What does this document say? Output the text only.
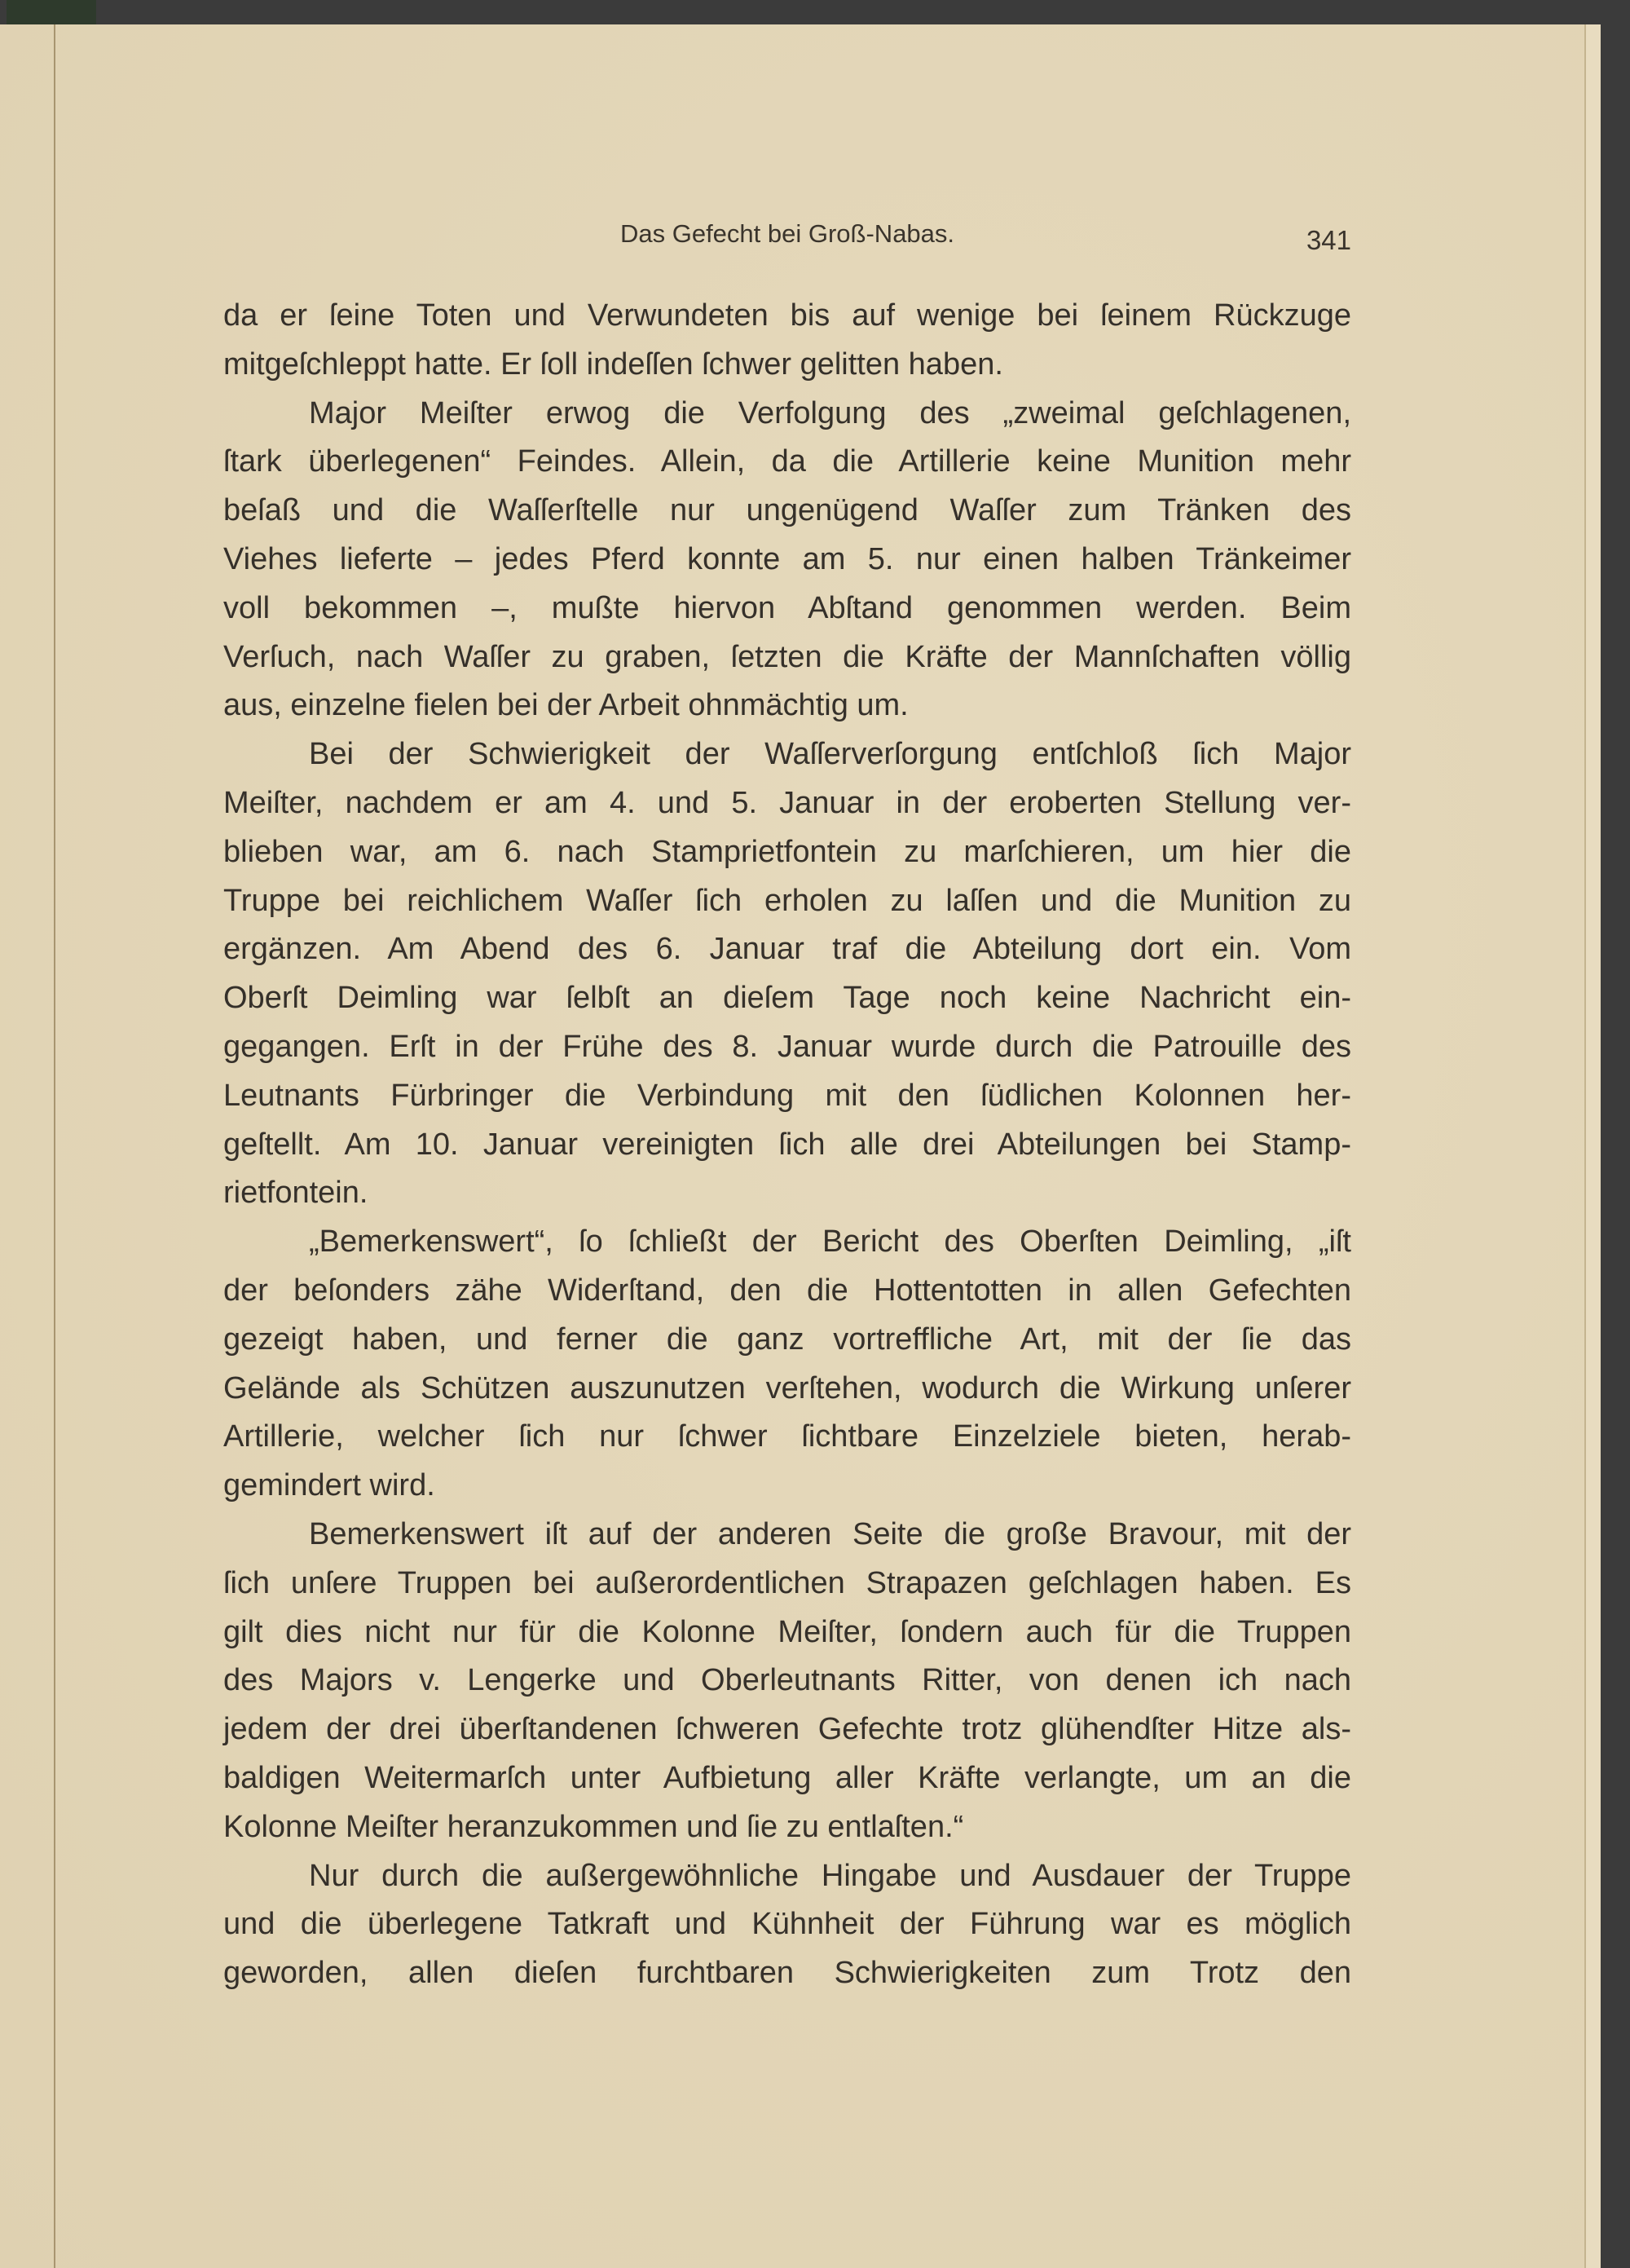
Das Gefecht bei Groß-Nabas.	341
da er ſeine Toten und Verwundeten bis auf wenige bei ſeinem Rückzuge
mitgeſchleppt hatte. Er ſoll indeſſen ſchwer gelitten haben.
Major Meiſter erwog die Verfolgung des „zweimal geſchlagenen,
ſtark überlegenen“ Feindes. Allein, da die Artillerie keine Munition mehr
beſaß und die Waſſerſtelle nur ungenügend Waſſer zum Tränken des
Viehes lieferte – jedes Pferd konnte am 5. nur einen halben Tränkeimer
voll bekommen –, mußte hiervon Abſtand genommen werden. Beim
Verſuch, nach Waſſer zu graben, ſetzten die Kräfte der Mannſchaften völlig
aus, einzelne fielen bei der Arbeit ohnmächtig um.
Bei der Schwierigkeit der Waſſerverſorgung entſchloß ſich Major
Meiſter, nachdem er am 4. und 5. Januar in der eroberten Stellung ver-
blieben war, am 6. nach Stamprietfontein zu marſchieren, um hier die
Truppe bei reichlichem Waſſer ſich erholen zu laſſen und die Munition zu
ergänzen. Am Abend des 6. Januar traf die Abteilung dort ein. Vom
Oberſt Deimling war ſelbſt an dieſem Tage noch keine Nachricht ein-
gegangen. Erſt in der Frühe des 8. Januar wurde durch die Patrouille des
Leutnants Fürbringer die Verbindung mit den ſüdlichen Kolonnen her-
geſtellt. Am 10. Januar vereinigten ſich alle drei Abteilungen bei Stamp-
rietfontein.
„Bemerkenswert“, ſo ſchließt der Bericht des Oberſten Deimling, „iſt
der beſonders zähe Widerſtand, den die Hottentotten in allen Gefechten
gezeigt haben, und ferner die ganz vortreffliche Art, mit der ſie das
Gelände als Schützen auszunutzen verſtehen, wodurch die Wirkung unſerer
Artillerie, welcher ſich nur ſchwer ſichtbare Einzelziele bieten, herab-
gemindert wird.
Bemerkenswert iſt auf der anderen Seite die große Bravour, mit der
ſich unſere Truppen bei außerordentlichen Strapazen geſchlagen haben. Es
gilt dies nicht nur für die Kolonne Meiſter, ſondern auch für die Truppen
des Majors v. Lengerke und Oberleutnants Ritter, von denen ich nach
jedem der drei überſtandenen ſchweren Gefechte trotz glühendſter Hitze als-
baldigen Weitermarſch unter Aufbietung aller Kräfte verlangte, um an die
Kolonne Meiſter heranzukommen und ſie zu entlaſten.“
Nur durch die außergewöhnliche Hingabe und Ausdauer der Truppe
und die überlegene Tatkraft und Kühnheit der Führung war es möglich
geworden, allen dieſen furchtbaren Schwierigkeiten zum Trotz den
